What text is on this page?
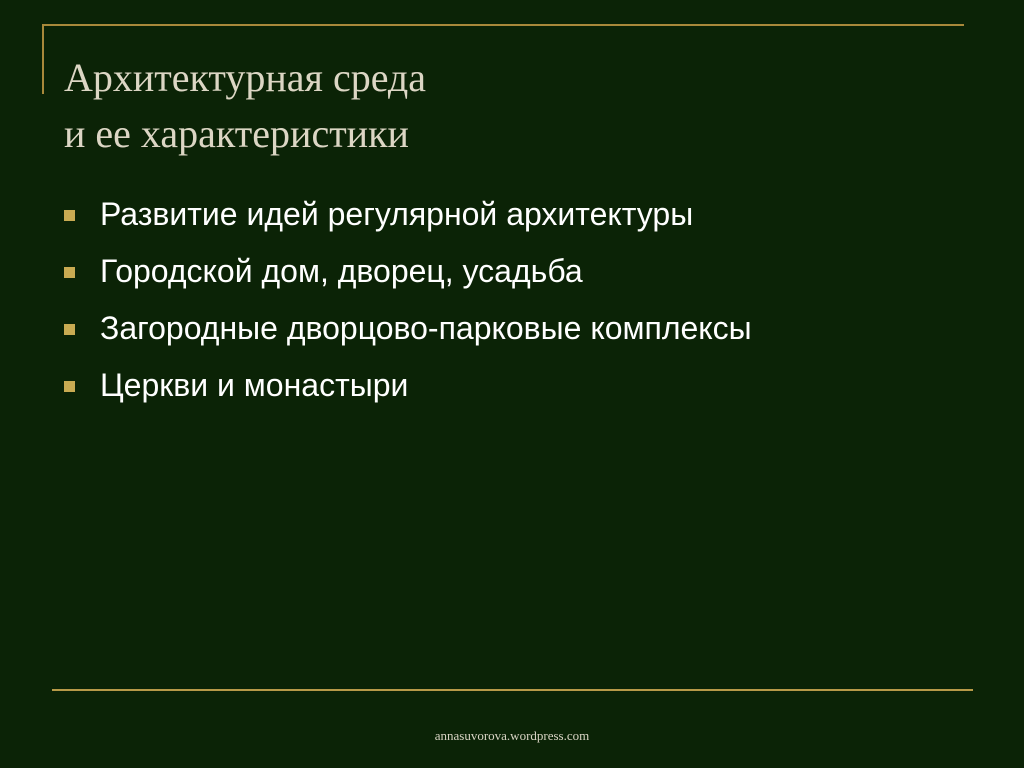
Архитектурная среда
и ее характеристики
Развитие идей регулярной архитектуры
Городской дом, дворец, усадьба
Загородные дворцово-парковые комплексы
Церкви и монастыри
annasuvorova.wordpress.com
